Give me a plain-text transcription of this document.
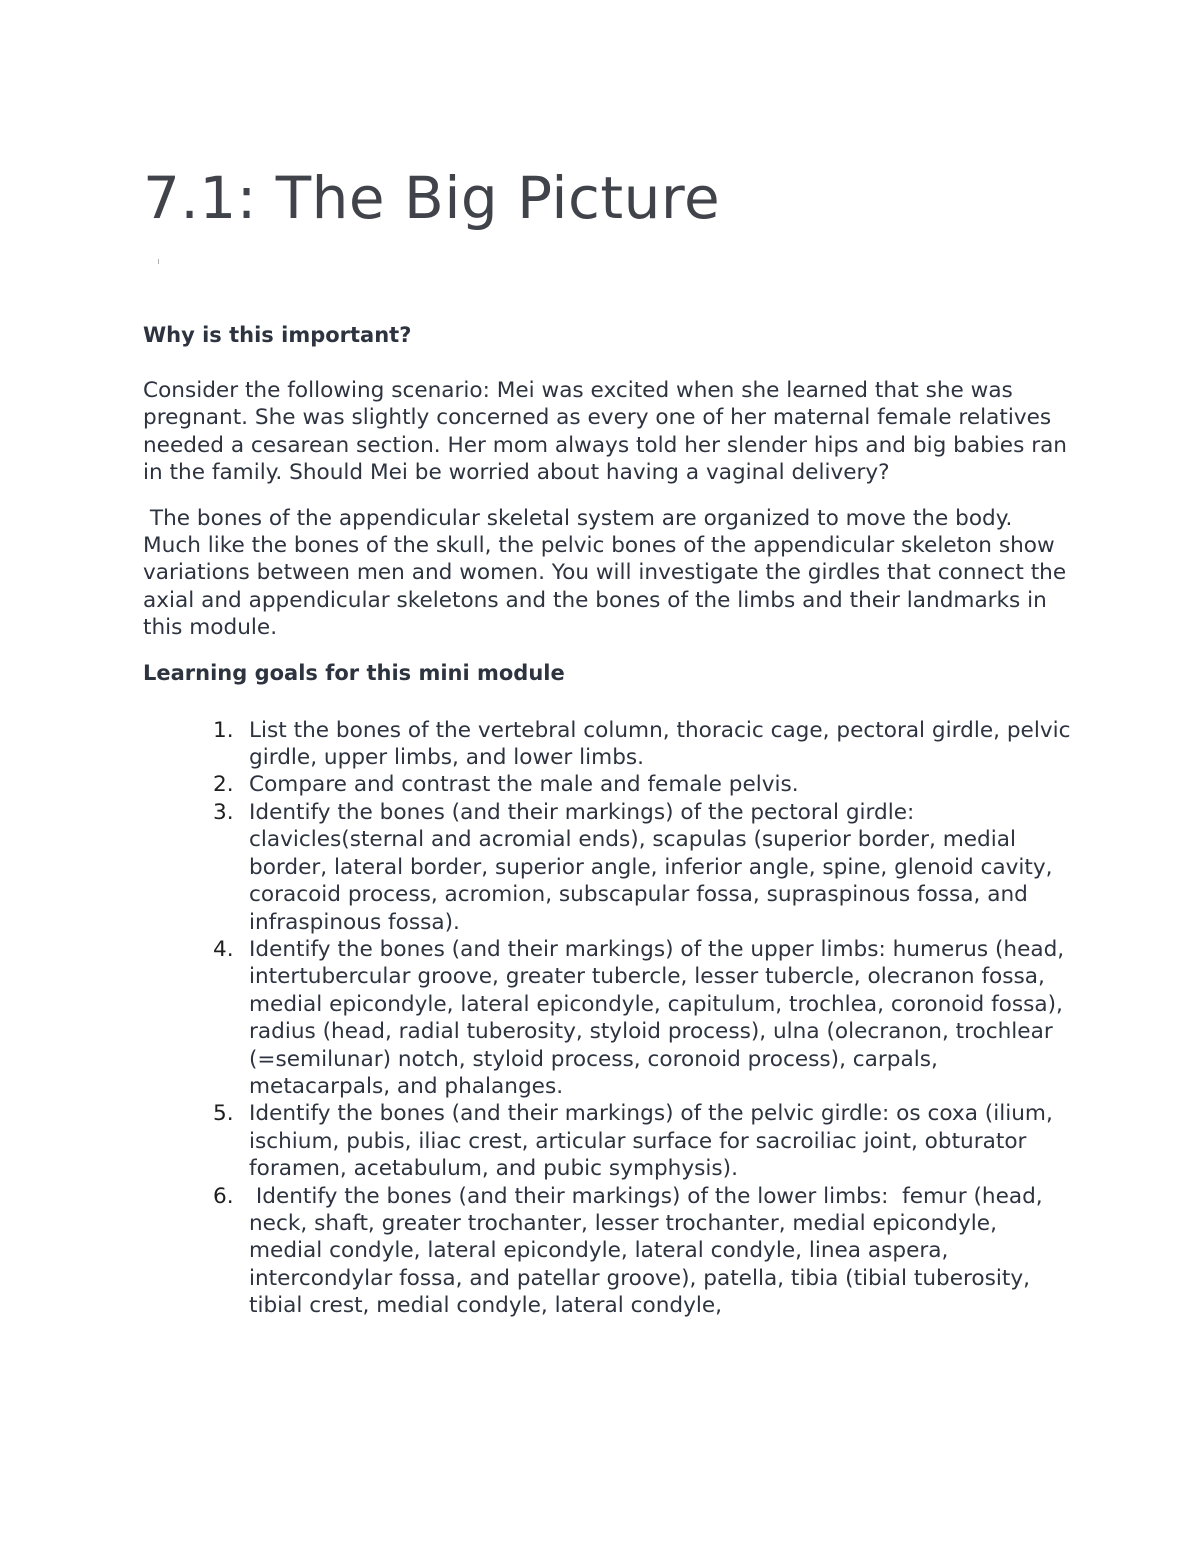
7.1: The Big Picture
Why is this important?

Consider the following scenario: Mei was excited when she learned that she was pregnant. She was slightly concerned as every one of her maternal female relatives needed a cesarean section. Her mom always told her slender hips and big babies ran in the family. Should Mei be worried about having a vaginal delivery?

The bones of the appendicular skeletal system are organized to move the body. Much like the bones of the skull, the pelvic bones of the appendicular skeleton show variations between men and women. You will investigate the girdles that connect the axial and appendicular skeletons and the bones of the limbs and their landmarks in this module.

Learning goals for this mini module
1. List the bones of the vertebral column, thoracic cage, pectoral girdle, pelvic girdle, upper limbs, and lower limbs.
2. Compare and contrast the male and female pelvis.
3. Identify the bones (and their markings) of the pectoral girdle: clavicles(sternal and acromial ends), scapulas (superior border, medial border, lateral border, superior angle, inferior angle, spine, glenoid cavity, coracoid process, acromion, subscapular fossa, supraspinous fossa, and infraspinous fossa).
4. Identify the bones (and their markings) of the upper limbs: humerus (head, intertubercular groove, greater tubercle, lesser tubercle, olecranon fossa, medial epicondyle, lateral epicondyle, capitulum, trochlea, coronoid fossa), radius (head, radial tuberosity, styloid process), ulna (olecranon, trochlear (=semilunar) notch, styloid process, coronoid process), carpals, metacarpals, and phalanges.
5. Identify the bones (and their markings) of the pelvic girdle: os coxa (ilium, ischium, pubis, iliac crest, articular surface for sacroiliac joint, obturator foramen, acetabulum, and pubic symphysis).
6. Identify the bones (and their markings) of the lower limbs:  femur (head, neck, shaft, greater trochanter, lesser trochanter, medial epicondyle, medial condyle, lateral epicondyle, lateral condyle, linea aspera, intercondylar fossa, and patellar groove), patella, tibia (tibial tuberosity, tibial crest, medial condyle, lateral condyle,
